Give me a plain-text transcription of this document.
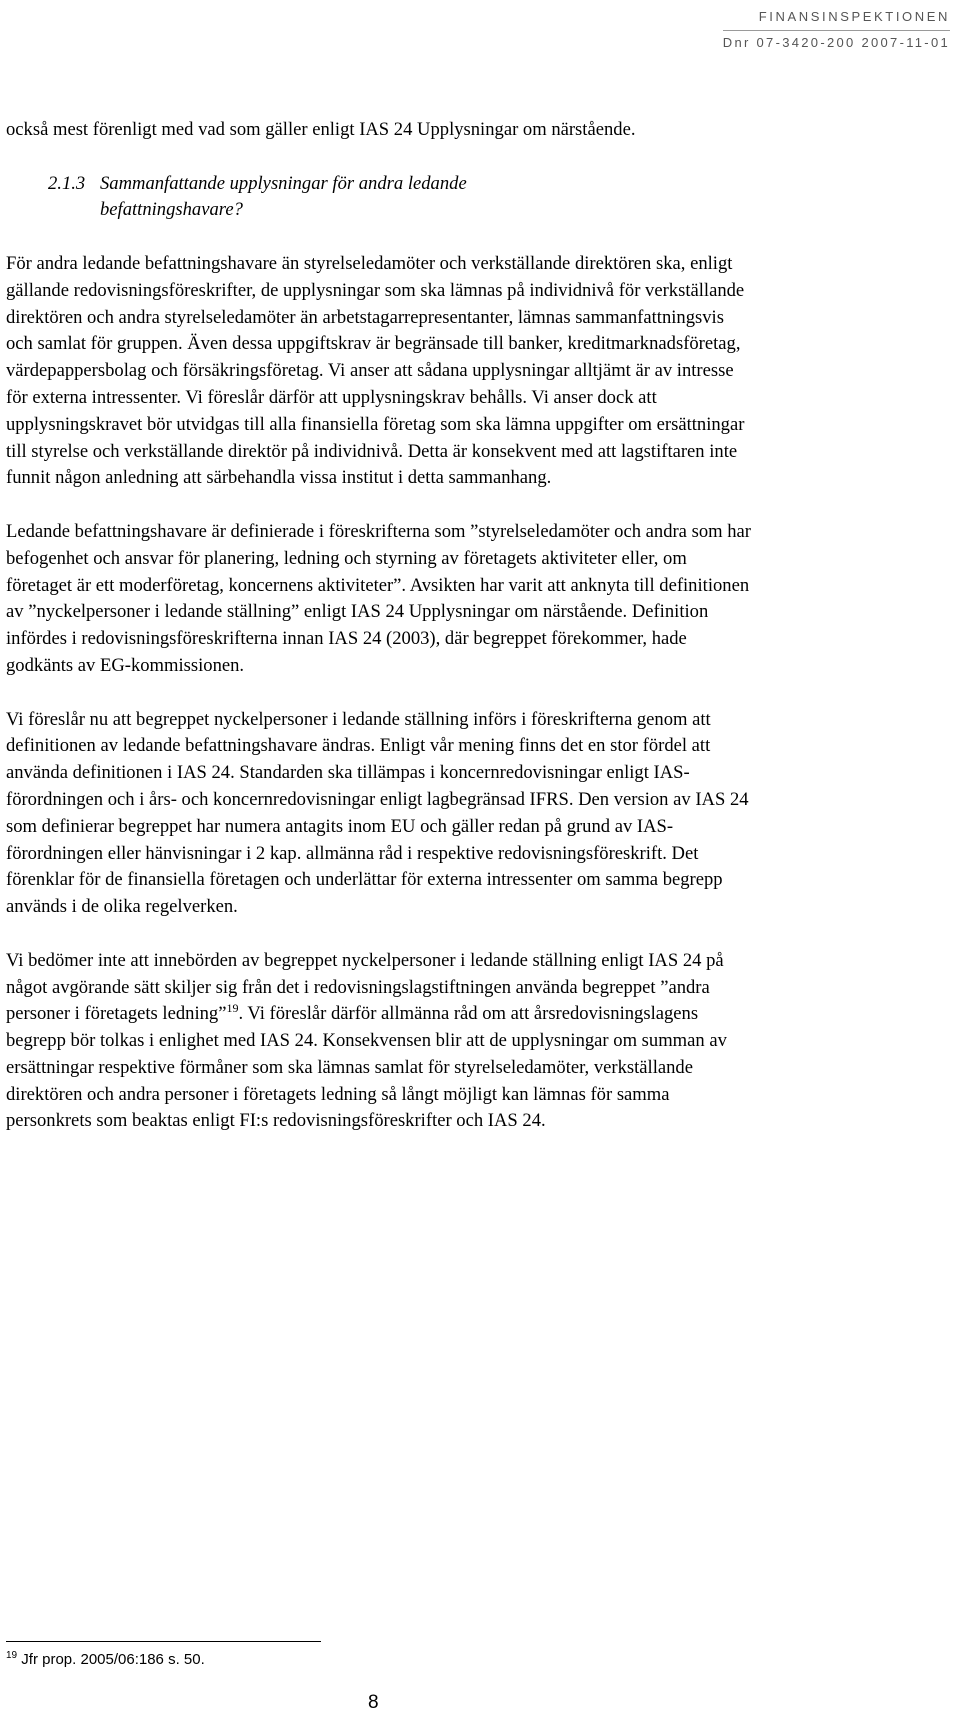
FINANSINSPEKTIONEN
Dnr 07-3420-200 2007-11-01

också mest förenligt med vad som gäller enligt IAS 24 Upplysningar om närstående.

2.1.3 Sammanfattande upplysningar för andra ledande befattningshavare?

För andra ledande befattningshavare än styrelseledamöter och verkställande direktören ska, enligt gällande redovisningsföreskrifter, de upplysningar som ska lämnas på individnivå för verkställande direktören och andra styrelseledamöter än arbetstagarrepresentanter, lämnas sammanfattningsvis och samlat för gruppen. Även dessa uppgiftskrav är begränsade till banker, kreditmarknadsföretag, värdepappersbolag och försäkringsföretag. Vi anser att sådana upplysningar alltjämt är av intresse för externa intressenter. Vi föreslår därför att upplysningskrav behålls. Vi anser dock att upplysningskravet bör utvidgas till alla finansiella företag som ska lämna uppgifter om ersättningar till styrelse och verkställande direktör på individnivå. Detta är konsekvent med att lagstiftaren inte funnit någon anledning att särbehandla vissa institut i detta sammanhang.

Ledande befattningshavare är definierade i föreskrifterna som ”styrelseledamöter och andra som har befogenhet och ansvar för planering, ledning och styrning av företagets aktiviteter eller, om företaget är ett moderföretag, koncernens aktiviteter”. Avsikten har varit att anknyta till definitionen av ”nyckelpersoner i ledande ställning” enligt IAS 24 Upplysningar om närstående. Definition infördes i redovisningsföreskrifterna innan IAS 24 (2003), där begreppet förekommer, hade godkänts av EG-kommissionen.

Vi föreslår nu att begreppet nyckelpersoner i ledande ställning införs i föreskrifterna genom att definitionen av ledande befattningshavare ändras. Enligt vår mening finns det en stor fördel att använda definitionen i IAS 24. Standarden ska tillämpas i koncernredovisningar enligt IAS-förordningen och i års- och koncernredovisningar enligt lagbegränsad IFRS. Den version av IAS 24 som definierar begreppet har numera antagits inom EU och gäller redan på grund av IAS-förordningen eller hänvisningar i 2 kap. allmänna råd i respektive redovisningsföreskrift. Det förenklar för de finansiella företagen och underlättar för externa intressenter om samma begrepp används i de olika regelverken.

Vi bedömer inte att innebörden av begreppet nyckelpersoner i ledande ställning enligt IAS 24 på något avgörande sätt skiljer sig från det i redovisningslagstiftningen använda begreppet ”andra personer i företagets ledning”$^{19}$. Vi föreslår därför allmänna råd om att årsredovisningslagens begrepp bör tolkas i enlighet med IAS 24. Konsekvensen blir att de upplysningar om summan av ersättningar respektive förmåner som ska lämnas samlat för styrelseledamöter, verkställande direktören och andra personer i företagets ledning så långt möjligt kan lämnas för samma personkrets som beaktas enligt FI:s redovisningsföreskrifter och IAS 24.

$^{19}$ Jfr prop. 2005/06:186 s. 50.
8
